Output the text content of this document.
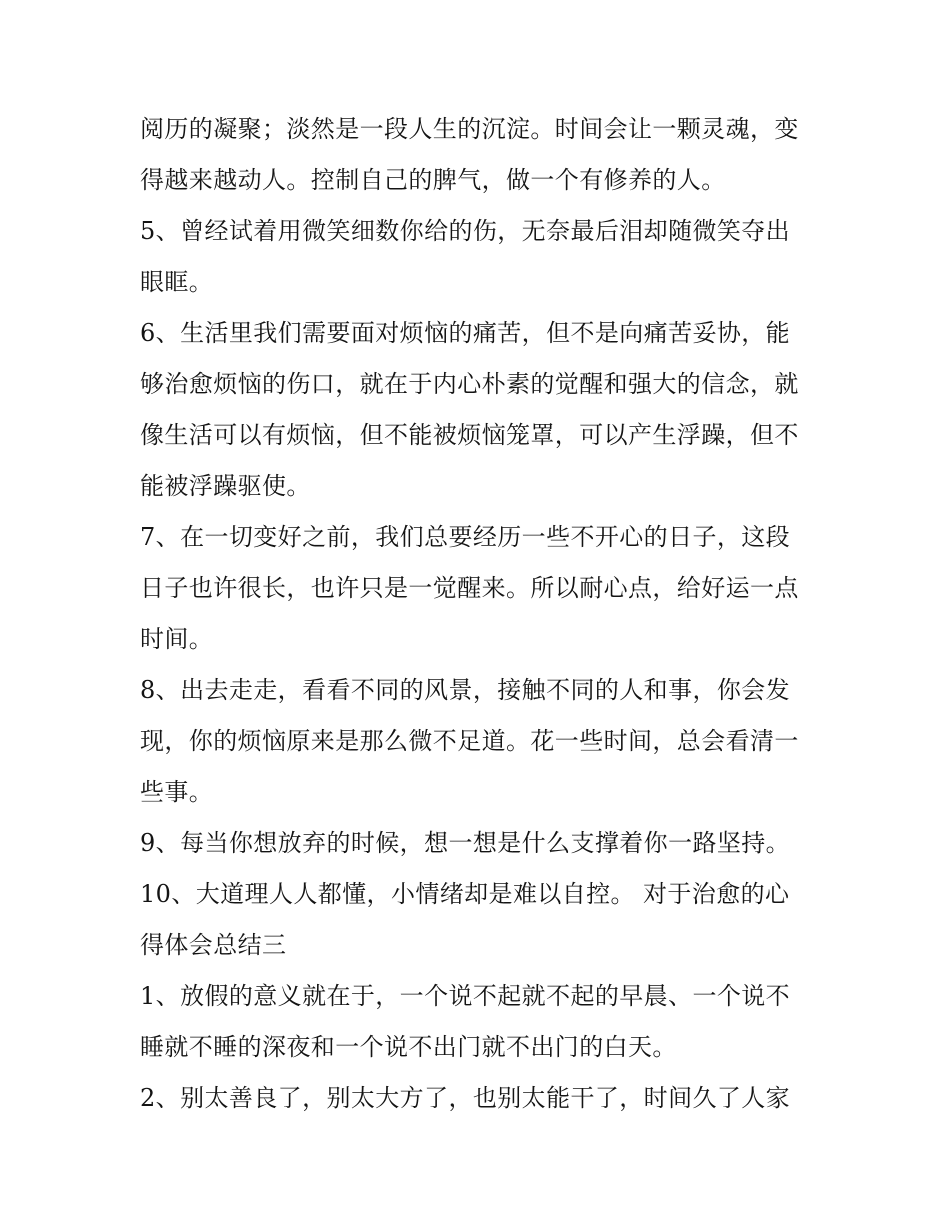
阅历的凝聚；淡然是一段人生的沉淀。时间会让一颗灵魂，变
得越来越动人。控制自己的脾气，做一个有修养的人。
5、曾经试着用微笑细数你给的伤，无奈最后泪却随微笑夺出
眼眶。
6、生活里我们需要面对烦恼的痛苦，但不是向痛苦妥协，能
够治愈烦恼的伤口，就在于内心朴素的觉醒和强大的信念，就
像生活可以有烦恼，但不能被烦恼笼罩，可以产生浮躁，但不
能被浮躁驱使。
7、在一切变好之前，我们总要经历一些不开心的日子，这段
日子也许很长，也许只是一觉醒来。所以耐心点，给好运一点
时间。
8、出去走走，看看不同的风景，接触不同的人和事，你会发
现，你的烦恼原来是那么微不足道。花一些时间，总会看清一
些事。
9、每当你想放弃的时候，想一想是什么支撑着你一路坚持。
10、大道理人人都懂，小情绪却是难以自控。 对于治愈的心
得体会总结三
1、放假的意义就在于，一个说不起就不起的早晨、一个说不
睡就不睡的深夜和一个说不出门就不出门的白天。
2、别太善良了，别太大方了，也别太能干了，时间久了人家
